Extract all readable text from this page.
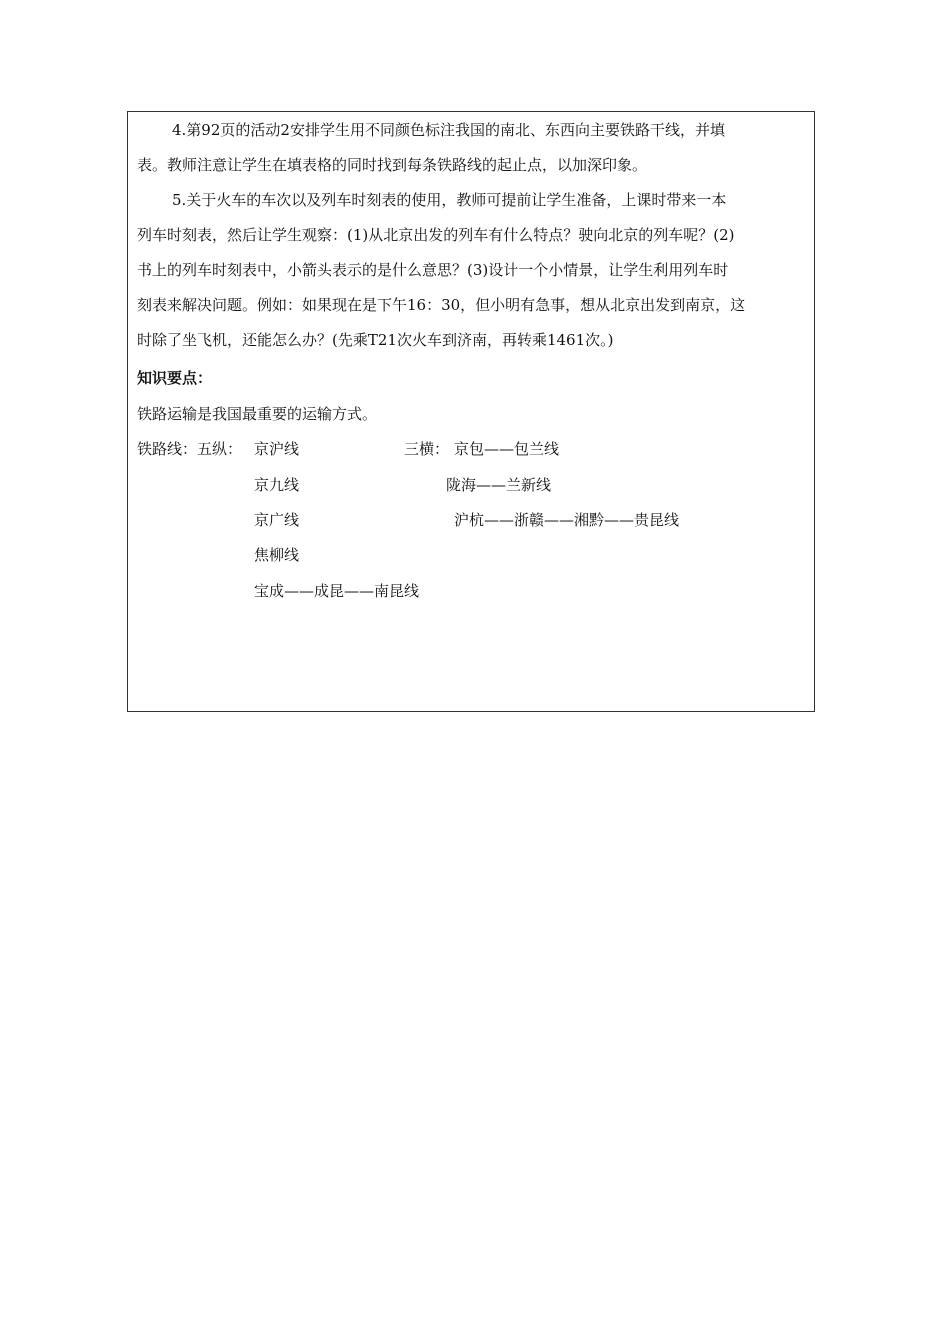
4.第92页的活动2安排学生用不同颜色标注我国的南北、东西向主要铁路干线，并填
表。教师注意让学生在填表格的同时找到每条铁路线的起止点，以加深印象。
5.关于火车的车次以及列车时刻表的使用，教师可提前让学生准备，上课时带来一本
列车时刻表，然后让学生观察：(1)从北京出发的列车有什么特点？驶向北京的列车呢？(2)
书上的列车时刻表中，小箭头表示的是什么意思？(3)设计一个小情景，让学生利用列车时
刻表来解决问题。例如：如果现在是下午16：30，但小明有急事，想从北京出发到南京，这
时除了坐飞机，还能怎么办？(先乘T21次火车到济南，再转乘1461次。)
知识要点：
铁路运输是我国最重要的运输方式。
铁路线：五纵： 京沪线	三横： 京包——包兰线
京九线	陇海——兰新线
京广线	沪杭——浙赣——湘黔——贵昆线
焦柳线
宝成——成昆——南昆线
